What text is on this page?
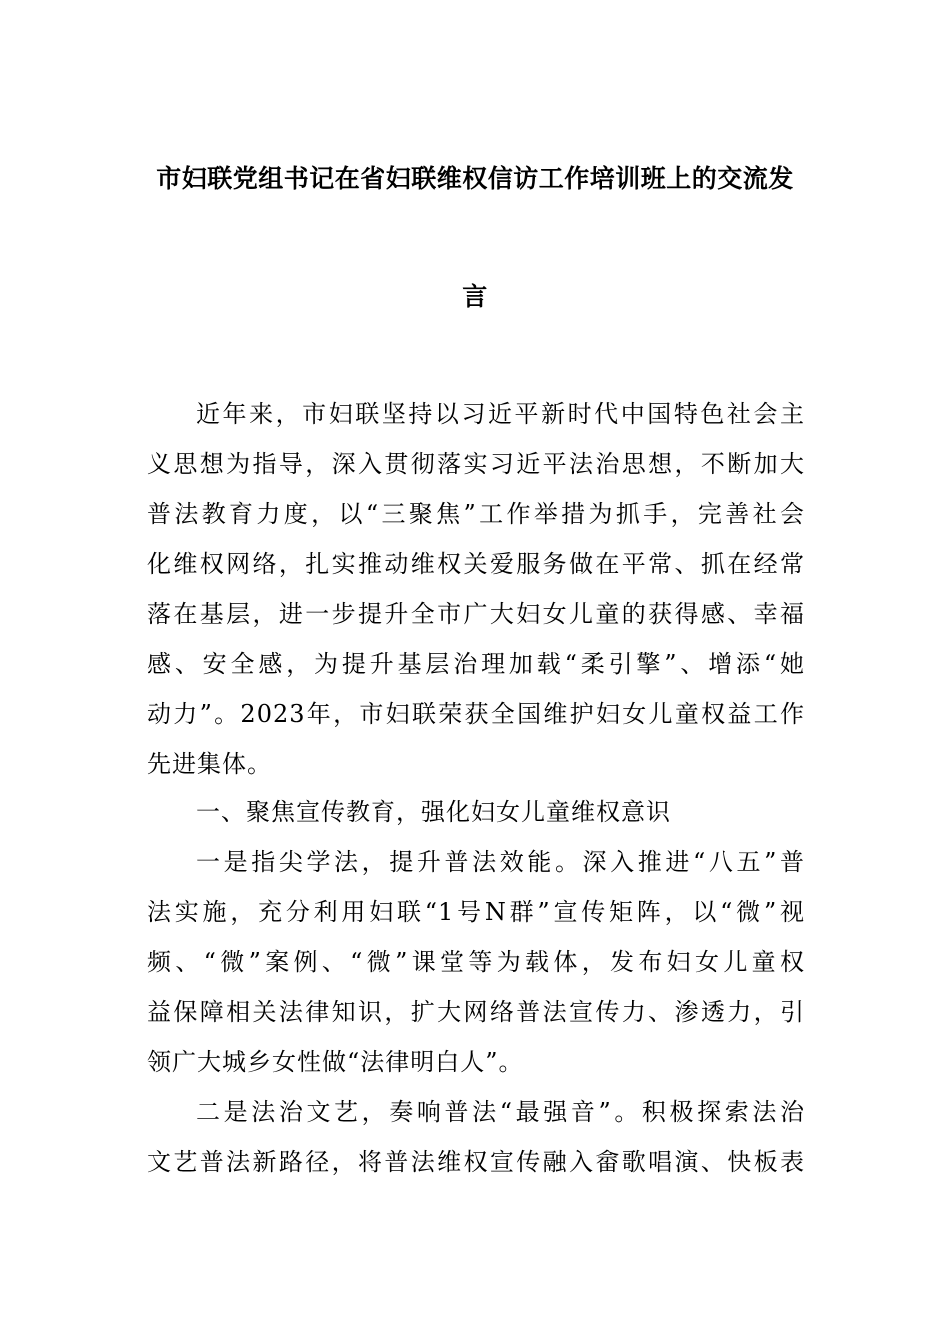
市妇联党组书记在省妇联维权信访工作培训班上的交流发
言
近年来，市妇联坚持以习近平新时代中国特色社会主
义思想为指导，深入贯彻落实习近平法治思想，不断加大
普法教育力度，以“三聚焦”工作举措为抓手，完善社会
化维权网络，扎实推动维权关爱服务做在平常、抓在经常
落在基层，进一步提升全市广大妇女儿童的获得感、幸福
感、安全感，为提升基层治理加载“柔引擎”、增添“她
动力”。2023年，市妇联荣获全国维护妇女儿童权益工作
先进集体。
一、聚焦宣传教育，强化妇女儿童维权意识
一是指尖学法，提升普法效能。深入推进“八五”普
法实施，充分利用妇联“1号N群”宣传矩阵，以“微”视
频、“微”案例、“微”课堂等为载体，发布妇女儿童权
益保障相关法律知识，扩大网络普法宣传力、渗透力，引
领广大城乡女性做“法律明白人”。
二是法治文艺，奏响普法“最强音”。积极探索法治
文艺普法新路径，将普法维权宣传融入畲歌唱演、快板表
